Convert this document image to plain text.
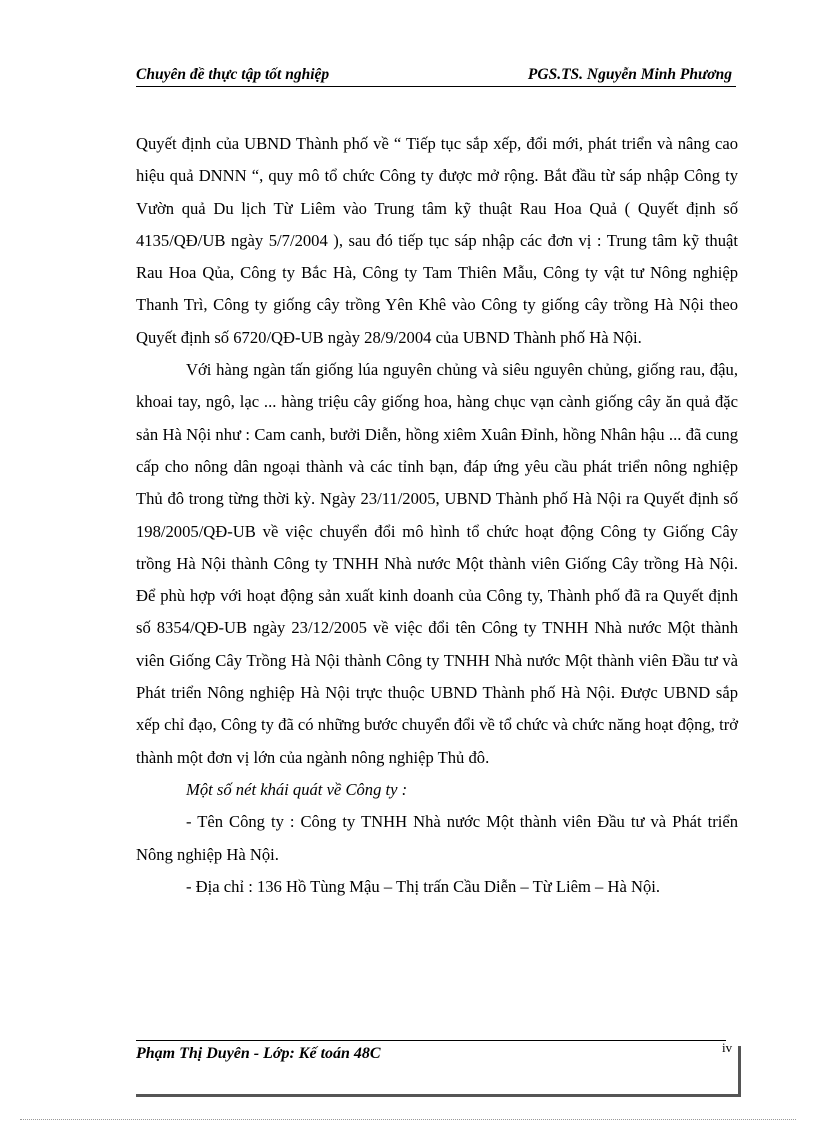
Chuyên đề thực tập tốt nghiệp	PGS.TS. Nguyễn Minh Phương

Quyết định của UBND Thành phố về “ Tiếp tục sắp xếp, đổi mới, phát triển và nâng cao hiệu quả DNNN “, quy mô tổ chức Công ty được mở rộng. Bắt đầu từ sáp nhập Công ty Vườn quả Du lịch Từ Liêm vào Trung tâm kỹ thuật Rau Hoa Quả ( Quyết định số 4135/QĐ/UB ngày 5/7/2004 ), sau đó tiếp tục sáp nhập các đơn vị : Trung tâm kỹ thuật Rau Hoa Qủa, Công ty Bắc Hà, Công ty Tam Thiên Mẫu, Công ty vật tư Nông nghiệp Thanh Trì, Công ty giống cây trồng Yên Khê vào Công ty giống cây trồng Hà Nội theo Quyết định số 6720/QĐ-UB ngày 28/9/2004 của UBND Thành phố Hà Nội.

Với hàng ngàn tấn giống lúa nguyên chủng và siêu nguyên chủng, giống rau, đậu, khoai tay, ngô, lạc ... hàng triệu cây giống hoa, hàng chục vạn cành giống cây ăn quả đặc sản Hà Nội như : Cam canh, bưởi Diễn, hồng xiêm Xuân Đỉnh, hồng Nhân hậu ... đã cung cấp cho nông dân ngoại thành và các tỉnh bạn, đáp ứng yêu cầu phát triển nông nghiệp Thủ đô trong từng thời kỳ. Ngày 23/11/2005, UBND Thành phố Hà Nội ra Quyết định số 198/2005/QĐ-UB về việc chuyển đổi mô hình tổ chức hoạt động Công ty Giống Cây trồng Hà Nội thành Công ty TNHH Nhà nước Một thành viên Giống Cây trồng Hà Nội. Để phù hợp với hoạt động sản xuất kinh doanh của Công ty, Thành phố đã ra Quyết định số 8354/QĐ-UB ngày 23/12/2005 về việc đổi tên Công ty TNHH Nhà nước Một thành viên Giống Cây Trồng Hà Nội thành Công ty TNHH Nhà nước Một thành viên Đầu tư và Phát triển Nông nghiệp Hà Nội trực thuộc UBND Thành phố Hà Nội. Được UBND sắp xếp chỉ đạo, Công ty đã có những bước chuyển đổi về tổ chức và chức năng hoạt động, trở thành một đơn vị lớn của ngành nông nghiệp Thủ đô.

Một số nét khái quát về Công ty :

- Tên Công ty : Công ty TNHH Nhà nước Một thành viên Đầu tư và Phát triển Nông nghiệp Hà Nội.

- Địa chỉ : 136 Hồ Tùng Mậu – Thị trấn Cầu Diễn – Từ Liêm – Hà Nội.

Phạm Thị Duyên - Lớp: Kế toán 48C	iv
